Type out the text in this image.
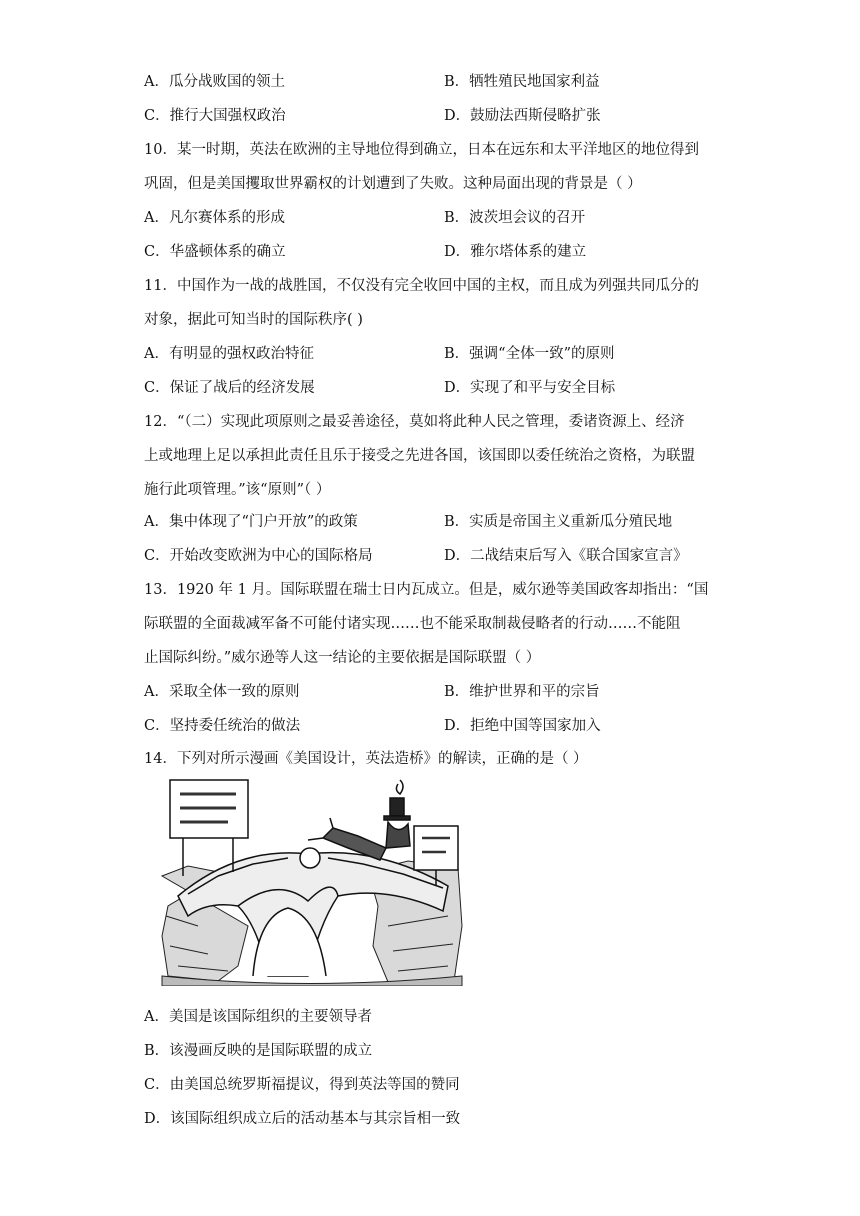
A．瓜分战败国的领土	B．牺牲殖民地国家利益
C．推行大国强权政治	D．鼓励法西斯侵略扩张
10．某一时期，英法在欧洲的主导地位得到确立，日本在远东和太平洋地区的地位得到
巩固，但是美国攫取世界霸权的计划遭到了失败。这种局面出现的背景是（ ）
A．凡尔赛体系的形成	B．波茨坦会议的召开
C．华盛顿体系的确立	D．雅尔塔体系的建立
11．中国作为一战的战胜国，不仅没有完全收回中国的主权，而且成为列强共同瓜分的
对象，据此可知当时的国际秩序( )
A．有明显的强权政治特征	B．强调“全体一致”的原则
C．保证了战后的经济发展	D．实现了和平与安全目标
12．“（二）实现此项原则之最妥善途径，莫如将此种人民之管理，委诸资源上、经济
上或地理上足以承担此责任且乐于接受之先进各国，该国即以委任统治之资格，为联盟
施行此项管理。”该“原则”（ ）
A．集中体现了“门户开放”的政策	B．实质是帝国主义重新瓜分殖民地
C．开始改变欧洲为中心的国际格局	D．二战结束后写入《联合国家宣言》
13．1920 年 1 月。国际联盟在瑞士日内瓦成立。但是，威尔逊等美国政客却指出：“国
际联盟的全面裁减军备不可能付诸实现……也不能采取制裁侵略者的行动……不能阻
止国际纠纷。”威尔逊等人这一结论的主要依据是国际联盟（ ）
A．采取全体一致的原则	B．维护世界和平的宗旨
C．坚持委任统治的做法	D．拒绝中国等国家加入
14．下列对所示漫画《美国设计，英法造桥》的解读，正确的是（ ）
A．美国是该国际组织的主要领导者
B．该漫画反映的是国际联盟的成立
C．由美国总统罗斯福提议，得到英法等国的赞同
D．该国际组织成立后的活动基本与其宗旨相一致
